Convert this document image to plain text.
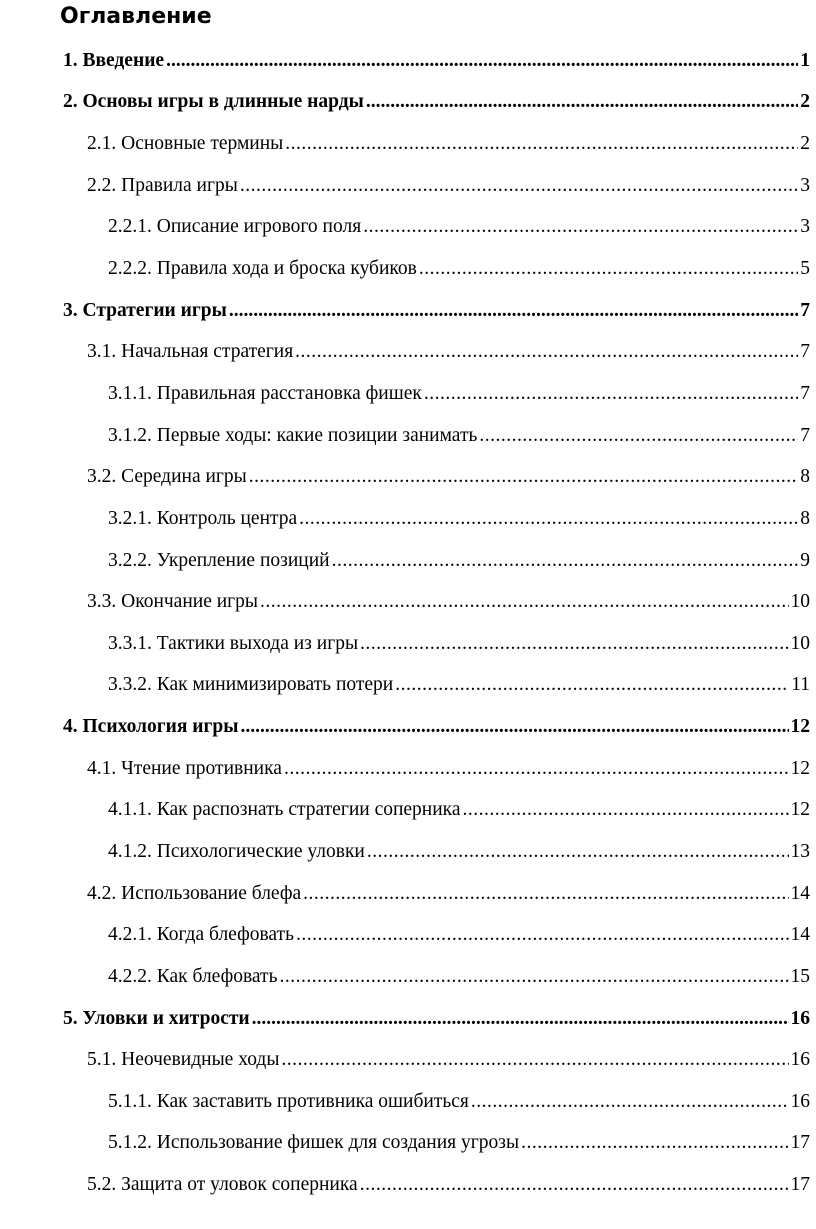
Оглавление
1. Введение .....	1
2. Основы игры в длинные нарды .....	2
2.1. Основные термины .....	2
2.2. Правила игры .....	3
2.2.1. Описание игрового поля .....	3
2.2.2. Правила хода и броска кубиков .....	5
3. Стратегии игры .....	7
3.1. Начальная стратегия .....	7
3.1.1. Правильная расстановка фишек .....	7
3.1.2. Первые ходы: какие позиции занимать .....	7
3.2. Середина игры .....	8
3.2.1. Контроль центра .....	8
3.2.2. Укрепление позиций .....	9
3.3. Окончание игры .....	10
3.3.1. Тактики выхода из игры .....	10
3.3.2. Как минимизировать потери .....	11
4. Психология игры .....	12
4.1. Чтение противника .....	12
4.1.1. Как распознать стратегии соперника .....	12
4.1.2. Психологические уловки .....	13
4.2. Использование блефа .....	14
4.2.1. Когда блефовать .....	14
4.2.2. Как блефовать .....	15
5. Уловки и хитрости .....	16
5.1. Неочевидные ходы .....	16
5.1.1. Как заставить противника ошибиться .....	16
5.1.2. Использование фишек для создания угрозы .....	17
5.2. Защита от уловок соперника .....	17
